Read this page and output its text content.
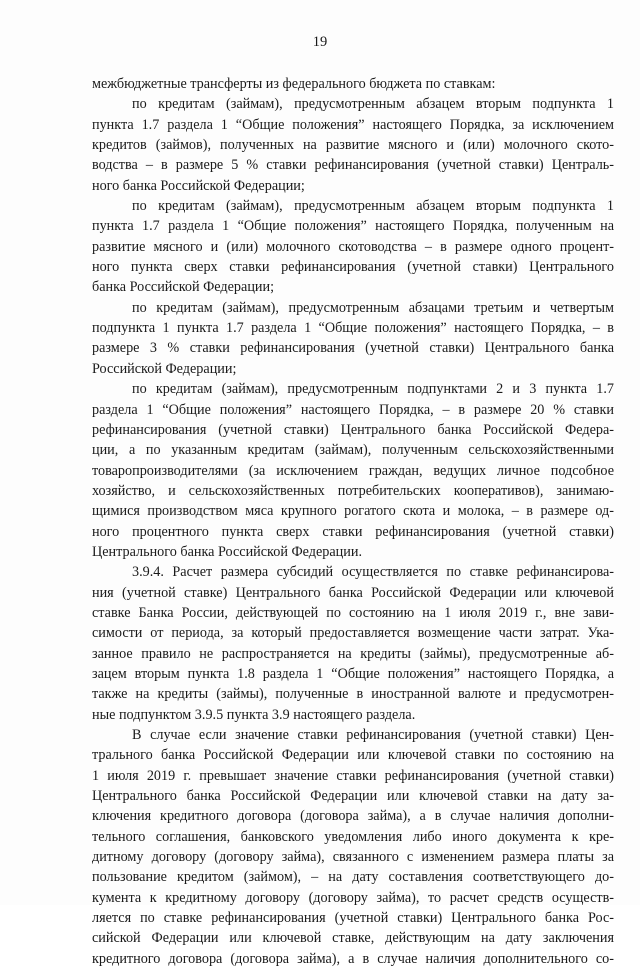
19
межбюджетные трансферты из федерального бюджета по ставкам:
по кредитам (займам), предусмотренным абзацем вторым подпункта 1
пункта 1.7 раздела 1 “Общие положения” настоящего Порядка, за исключением
кредитов (займов), полученных на развитие мясного и (или) молочного ското-
водства – в размере 5 % ставки рефинансирования (учетной ставки) Централь-
ного банка Российской Федерации;
по кредитам (займам), предусмотренным абзацем вторым подпункта 1
пункта 1.7 раздела 1 “Общие положения” настоящего Порядка, полученным на
развитие мясного и (или) молочного скотоводства – в размере одного процент-
ного пункта сверх ставки рефинансирования (учетной ставки) Центрального
банка Российской Федерации;
по кредитам (займам), предусмотренным абзацами третьим и четвертым
подпункта 1 пункта 1.7 раздела 1 “Общие положения” настоящего Порядка, – в
размере 3 % ставки рефинансирования (учетной ставки) Центрального банка
Российской Федерации;
по кредитам (займам), предусмотренным подпунктами 2 и 3 пункта 1.7
раздела 1 “Общие положения” настоящего Порядка, – в размере 20 % ставки
рефинансирования (учетной ставки) Центрального банка Российской Федера-
ции, а по указанным кредитам (займам), полученным сельскохозяйственными
товаропроизводителями (за исключением граждан, ведущих личное подсобное
хозяйство, и сельскохозяйственных потребительских кооперативов), занимаю-
щимися производством мяса крупного рогатого скота и молока, – в размере од-
ного процентного пункта сверх ставки рефинансирования (учетной ставки)
Центрального банка Российской Федерации.
3.9.4. Расчет размера субсидий осуществляется по ставке рефинансирова-
ния (учетной ставке) Центрального банка Российской Федерации или ключевой
ставке Банка России, действующей по состоянию на 1 июля 2019 г., вне зави-
симости от периода, за который предоставляется возмещение части затрат. Ука-
занное правило не распространяется на кредиты (займы), предусмотренные аб-
зацем вторым пункта 1.8 раздела 1 “Общие положения” настоящего Порядка, а
также на кредиты (займы), полученные в иностранной валюте и предусмотрен-
ные подпунктом 3.9.5 пункта 3.9 настоящего раздела.
В случае если значение ставки рефинансирования (учетной ставки) Цен-
трального банка Российской Федерации или ключевой ставки по состоянию на
1 июля 2019 г. превышает значение ставки рефинансирования (учетной ставки)
Центрального банка Российской Федерации или ключевой ставки на дату за-
ключения кредитного договора (договора займа), а в случае наличия дополни-
тельного соглашения, банковского уведомления либо иного документа к кре-
дитному договору (договору займа), связанного с изменением размера платы за
пользование кредитом (займом), – на дату составления соответствующего до-
кумента к кредитному договору (договору займа), то расчет средств осуществ-
ляется по ставке рефинансирования (учетной ставки) Центрального банка Рос-
сийской Федерации или ключевой ставке, действующим на дату заключения
кредитного договора (договора займа), а в случае наличия дополнительного со-
